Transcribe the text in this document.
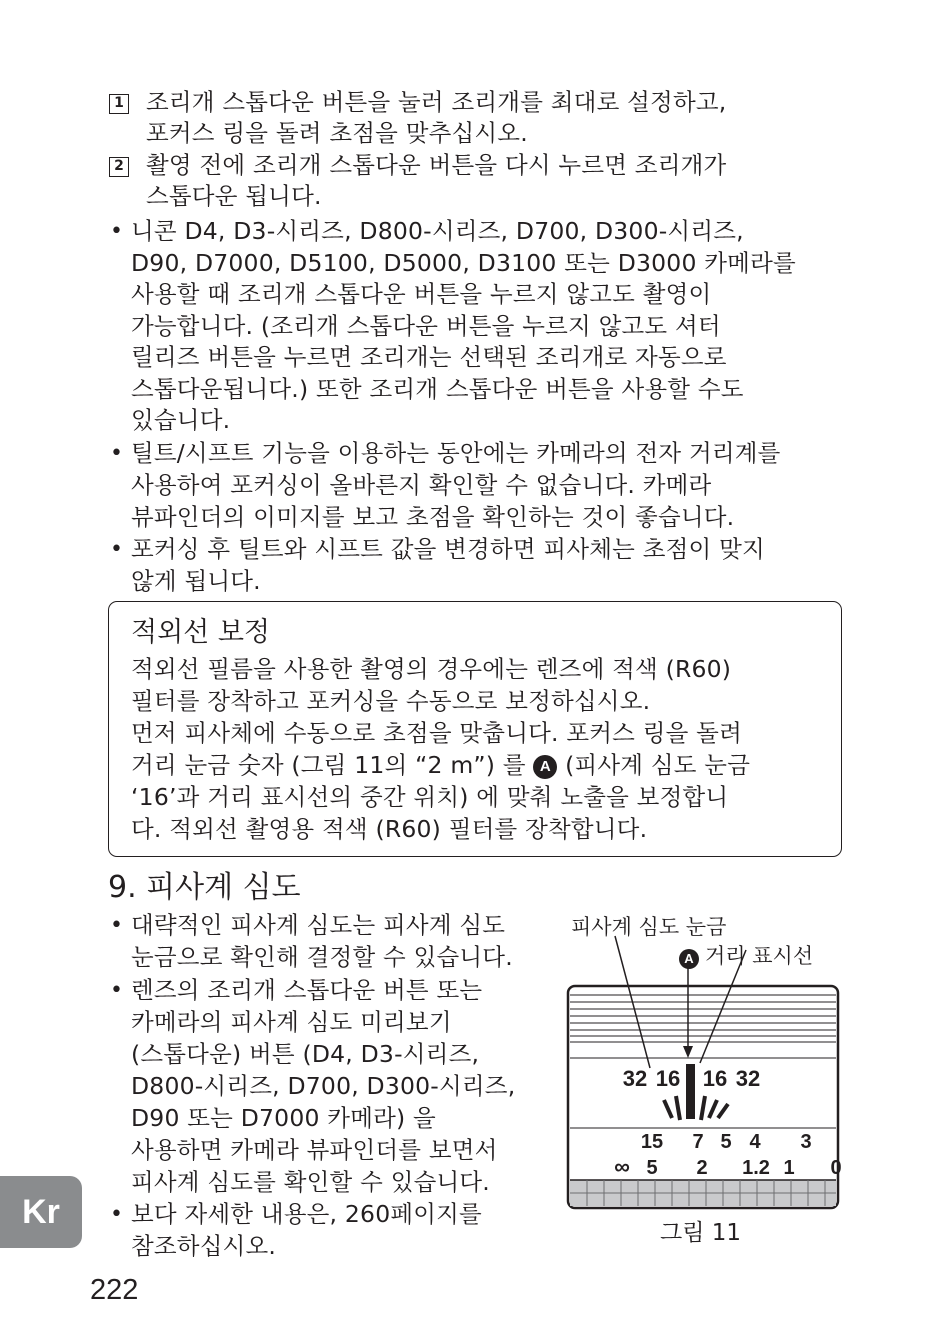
1 조리개 스톱다운 버튼을 눌러 조리개를 최대로 설정하고,
포커스 링을 돌려 초점을 맞추십시오.
2 촬영 전에 조리개 스톱다운 버튼을 다시 누르면 조리개가
스톱다운 됩니다.
• 니콘 D4, D3-시리즈, D800-시리즈, D700, D300-시리즈,
D90, D7000, D5100, D5000, D3100 또는 D3000 카메라를
사용할 때 조리개 스톱다운 버튼을 누르지 않고도 촬영이
가능합니다. (조리개 스톱다운 버튼을 누르지 않고도 셔터
릴리즈 버튼을 누르면 조리개는 선택된 조리개로 자동으로
스톱다운됩니다.) 또한 조리개 스톱다운 버튼을 사용할 수도
있습니다.
• 틸트/시프트 기능을 이용하는 동안에는 카메라의 전자 거리계를
사용하여 포커싱이 올바른지 확인할 수 없습니다. 카메라
뷰파인더의 이미지를 보고 초점을 확인하는 것이 좋습니다.
• 포커싱 후 틸트와 시프트 값을 변경하면 피사체는 초점이 맞지
않게 됩니다.
적외선 보정
적외선 필름을 사용한 촬영의 경우에는 렌즈에 적색 (R60)
필터를 장착하고 포커싱을 수동으로 보정하십시오.
먼저 피사체에 수동으로 초점을 맞춥니다. 포커스 링을 돌려
거리 눈금 숫자 (그림 11의 “2 m”) 를 A (피사계 심도 눈금
‘16’과 거리 표시선의 중간 위치) 에 맞춰 노출을 보정합니
다. 적외선 촬영용 적색 (R60) 필터를 장착합니다.
9. 피사계 심도
• 대략적인 피사계 심도는 피사계 심도
눈금으로 확인해 결정할 수 있습니다.
• 렌즈의 조리개 스톱다운 버튼 또는
카메라의 피사계 심도 미리보기
(스톱다운) 버튼 (D4, D3-시리즈,
D800-시리즈, D700, D300-시리즈,
D90 또는 D7000 카메라) 을
사용하면 카메라 뷰파인더를 보면서
피사계 심도를 확인할 수 있습니다.
• 보다 자세한 내용은, 260페이지를
참조하십시오.
피사계 심도 눈금
A 거리 표시선
32 16 16 32
15 7 5 4 3
∞ 5 2 1.2 1 0
그림 11
Kr
222
